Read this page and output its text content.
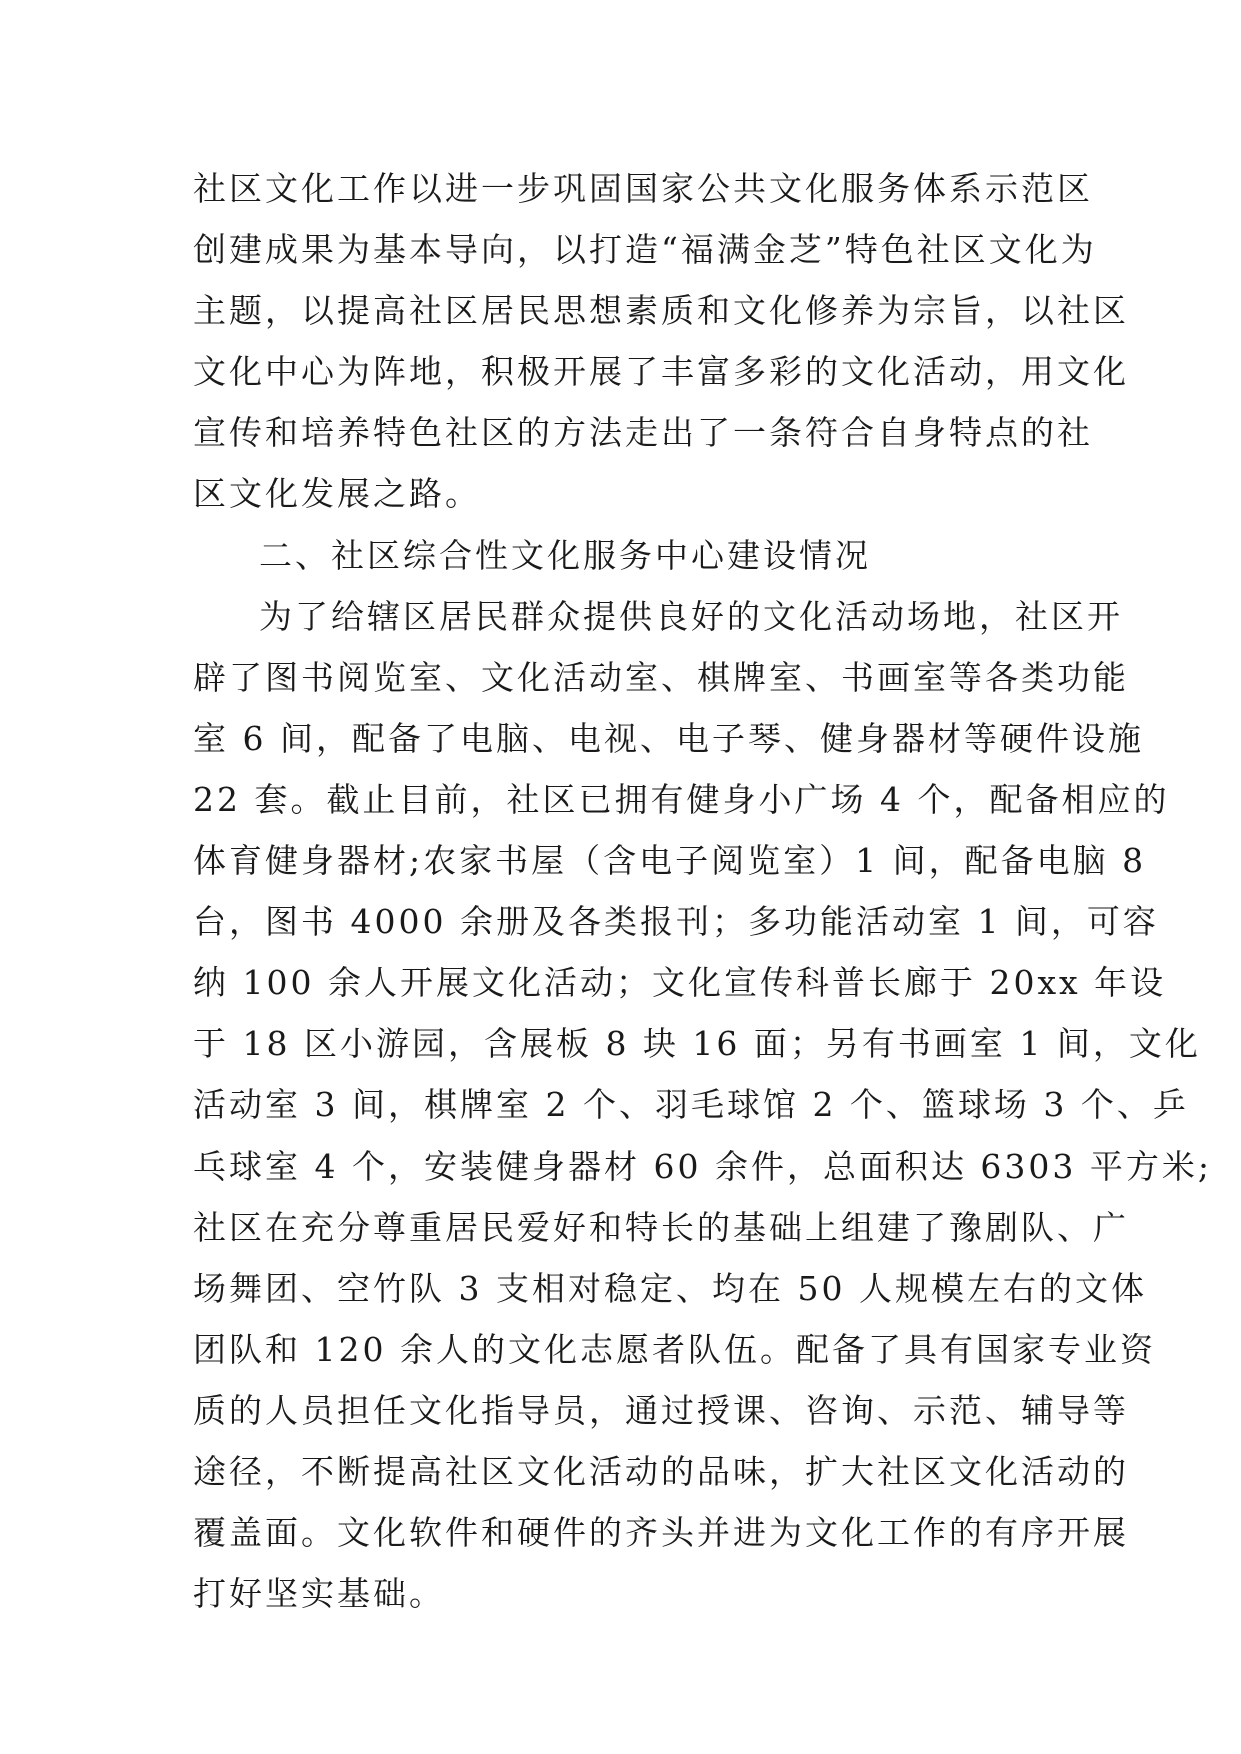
社区文化工作以进一步巩固国家公共文化服务体系示范区
创建成果为基本导向，以打造“福满金芝”特色社区文化为
主题，以提高社区居民思想素质和文化修养为宗旨，以社区
文化中心为阵地，积极开展了丰富多彩的文化活动，用文化
宣传和培养特色社区的方法走出了一条符合自身特点的社
区文化发展之路。
二、社区综合性文化服务中心建设情况
为了给辖区居民群众提供良好的文化活动场地，社区开
辟了图书阅览室、文化活动室、棋牌室、书画室等各类功能
室 6 间，配备了电脑、电视、电子琴、健身器材等硬件设施
22 套。截止目前，社区已拥有健身小广场 4 个，配备相应的
体育健身器材;农家书屋（含电子阅览室）1 间，配备电脑 8
台，图书 4000 余册及各类报刊；多功能活动室 1 间，可容
纳 100 余人开展文化活动；文化宣传科普长廊于 20xx 年设
于 18 区小游园，含展板 8 块 16 面；另有书画室 1 间，文化
活动室 3 间，棋牌室 2 个、羽毛球馆 2 个、篮球场 3 个、乒
乓球室 4 个，安装健身器材 60 余件，总面积达 6303 平方米;
社区在充分尊重居民爱好和特长的基础上组建了豫剧队、广
场舞团、空竹队 3 支相对稳定、均在 50 人规模左右的文体
团队和 120 余人的文化志愿者队伍。配备了具有国家专业资
质的人员担任文化指导员，通过授课、咨询、示范、辅导等
途径，不断提高社区文化活动的品味，扩大社区文化活动的
覆盖面。文化软件和硬件的齐头并进为文化工作的有序开展
打好坚实基础。
